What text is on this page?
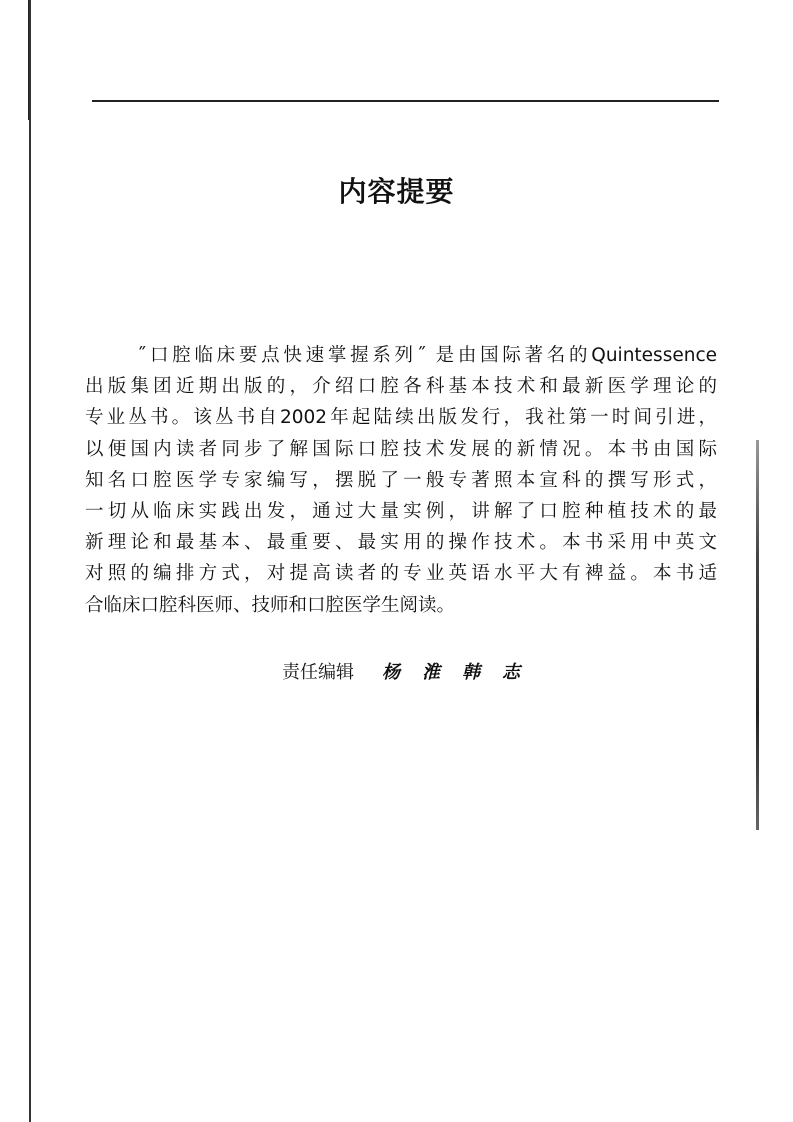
内容提要
˝口腔临床要点快速掌握系列˝ 是由国际著名的Quintessence
出版集团近期出版的，介绍口腔各科基本技术和最新医学理论的
专业丛书。该丛书自2002年起陆续出版发行，我社第一时间引进，
以便国内读者同步了解国际口腔技术发展的新情况。本书由国际
知名口腔医学专家编写，摆脱了一般专著照本宣科的撰写形式，
一切从临床实践出发，通过大量实例，讲解了口腔种植技术的最
新理论和最基本、最重要、最实用的操作技术。本书采用中英文
对照的编排方式，对提高读者的专业英语水平大有裨益。本书适
合临床口腔科医师、技师和口腔医学生阅读。
责任编辑 杨 淮 韩 志
